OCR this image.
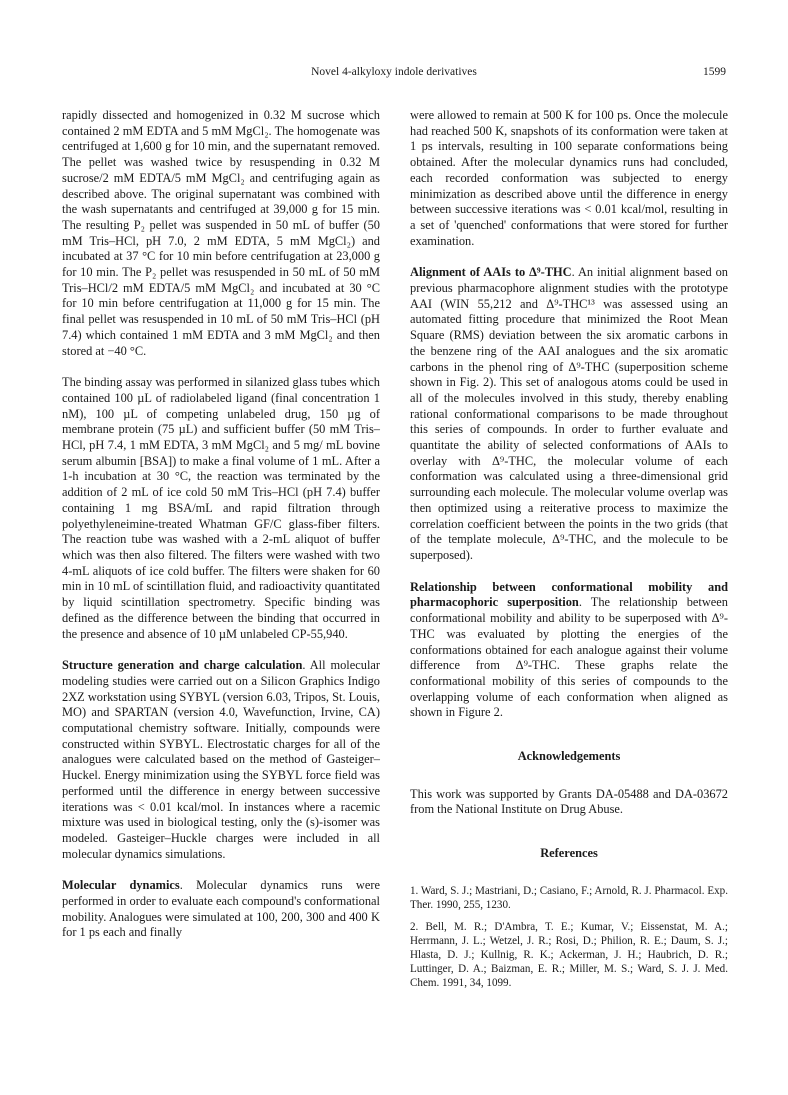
Novel 4-alkyloxy indole derivatives	1599

rapidly dissected and homogenized in 0.32 M sucrose which contained 2 mM EDTA and 5 mM MgCl₂. The homogenate was centrifuged at 1,600 g for 10 min, and the supernatant removed. The pellet was washed twice by resuspending in 0.32 M sucrose/2 mM EDTA/5 mM MgCl₂ and centrifuging again as described above. The original supernatant was combined with the wash supernatants and centrifuged at 39,000 g for 15 min. The resulting P₂ pellet was suspended in 50 mL of buffer (50 mM Tris–HCl, pH 7.0, 2 mM EDTA, 5 mM MgCl₂) and incubated at 37 °C for 10 min before centrifugation at 23,000 g for 10 min. The P₂ pellet was resuspended in 50 mL of 50 mM Tris–HCl/2 mM EDTA/5 mM MgCl₂ and incubated at 30 °C for 10 min before centrifugation at 11,000 g for 15 min. The final pellet was resuspended in 10 mL of 50 mM Tris–HCl (pH 7.4) which contained 1 mM EDTA and 3 mM MgCl₂ and then stored at −40 °C.

The binding assay was performed in silanized glass tubes which contained 100 µL of radiolabeled ligand (final concentration 1 nM), 100 µL of competing unlabeled drug, 150 µg of membrane protein (75 µL) and sufficient buffer (50 mM Tris–HCl, pH 7.4, 1 mM EDTA, 3 mM MgCl₂ and 5 mg/ mL bovine serum albumin [BSA]) to make a final volume of 1 mL. After a 1-h incubation at 30 °C, the reaction was terminated by the addition of 2 mL of ice cold 50 mM Tris–HCl (pH 7.4) buffer containing 1 mg BSA/mL and rapid filtration through polyethyleneimine-treated Whatman GF/C glass-fiber filters. The reaction tube was washed with a 2-mL aliquot of buffer which was then also filtered. The filters were washed with two 4-mL aliquots of ice cold buffer. The filters were shaken for 60 min in 10 mL of scintillation fluid, and radioactivity quantitated by liquid scintillation spectrometry. Specific binding was defined as the difference between the binding that occurred in the presence and absence of 10 µM unlabeled CP-55,940.

Structure generation and charge calculation. All molecular modeling studies were carried out on a Silicon Graphics Indigo 2XZ workstation using SYBYL (version 6.03, Tripos, St. Louis, MO) and SPARTAN (version 4.0, Wavefunction, Irvine, CA) computational chemistry software. Initially, compounds were constructed within SYBYL. Electrostatic charges for all of the analogues were calculated based on the method of Gasteiger–Huckel. Energy minimization using the SYBYL force field was performed until the difference in energy between successive iterations was < 0.01 kcal/mol. In instances where a racemic mixture was used in biological testing, only the (s)-isomer was modeled. Gasteiger–Huckle charges were included in all molecular dynamics simulations.

Molecular dynamics. Molecular dynamics runs were performed in order to evaluate each compound's conformational mobility. Analogues were simulated at 100, 200, 300 and 400 K for 1 ps each and finally

were allowed to remain at 500 K for 100 ps. Once the molecule had reached 500 K, snapshots of its conformation were taken at 1 ps intervals, resulting in 100 separate conformations being obtained. After the molecular dynamics runs had concluded, each recorded conformation was subjected to energy minimization as described above until the difference in energy between successive iterations was < 0.01 kcal/mol, resulting in a set of 'quenched' conformations that were stored for further examination.

Alignment of AAIs to Δ⁹-THC. An initial alignment based on previous pharmacophore alignment studies with the prototype AAI (WIN 55,212 and Δ⁹-THC¹³ was assessed using an automated fitting procedure that minimized the Root Mean Square (RMS) deviation between the six aromatic carbons in the benzene ring of the AAI analogues and the six aromatic carbons in the phenol ring of Δ⁹-THC (superposition scheme shown in Fig. 2). This set of analogous atoms could be used in all of the molecules involved in this study, thereby enabling rational conformational comparisons to be made throughout this series of compounds. In order to further evaluate and quantitate the ability of selected conformations of AAIs to overlay with Δ⁹-THC, the molecular volume of each conformation was calculated using a three-dimensional grid surrounding each molecule. The molecular volume overlap was then optimized using a reiterative process to maximize the correlation coefficient between the points in the two grids (that of the template molecule, Δ⁹-THC, and the molecule to be superposed).

Relationship between conformational mobility and pharmacophoric superposition. The relationship between conformational mobility and ability to be superposed with Δ⁹-THC was evaluated by plotting the energies of the conformations obtained for each analogue against their volume difference from Δ⁹-THC. These graphs relate the conformational mobility of this series of compounds to the overlapping volume of each conformation when aligned as shown in Figure 2.

Acknowledgements

This work was supported by Grants DA-05488 and DA-03672 from the National Institute on Drug Abuse.

References
1. Ward, S. J.; Mastriani, D.; Casiano, F.; Arnold, R. J. Pharmacol. Exp. Ther. 1990, 255, 1230.
2. Bell, M. R.; D'Ambra, T. E.; Kumar, V.; Eissenstat, M. A.; Herrmann, J. L.; Wetzel, J. R.; Rosi, D.; Philion, R. E.; Daum, S. J.; Hlasta, D. J.; Kullnig, R. K.; Ackerman, J. H.; Haubrich, D. R.; Luttinger, D. A.; Baizman, E. R.; Miller, M. S.; Ward, S. J. J. Med. Chem. 1991, 34, 1099.
